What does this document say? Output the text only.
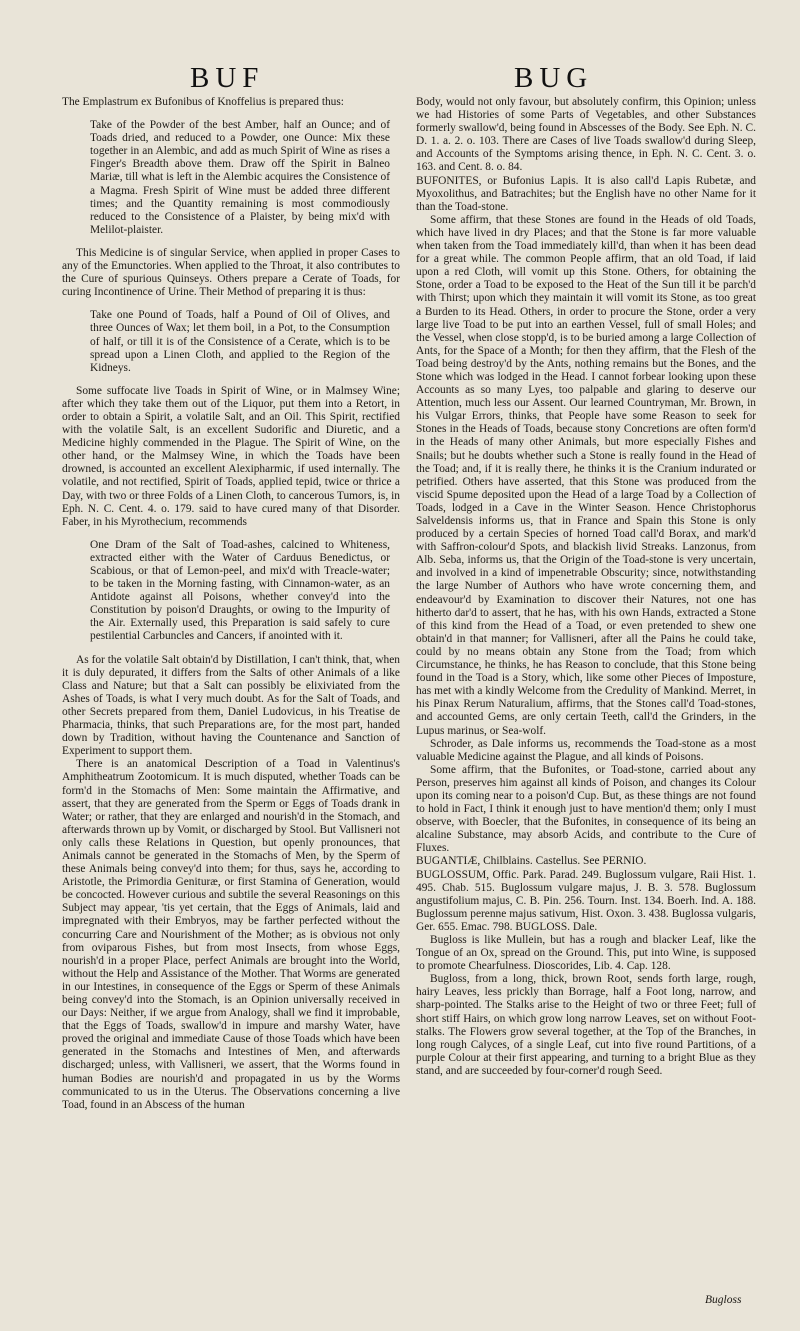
BUF	BUG

The Emplastrum ex Bufonibus of Knoffelius is prepared thus:

Take of the Powder of the best Amber, half an Ounce; and of Toads dried, and reduced to a Powder, one Ounce: Mix these together in an Alembic, and add as much Spirit of Wine as rises a Finger's Breadth above them. Draw off the Spirit in Balneo Mariæ, till what is left in the Alembic acquires the Consistence of a Magma. Fresh Spirit of Wine must be added three different times; and the Quantity remaining is most commodiously reduced to the Consistence of a Plaister, by being mix'd with Melilot-plaister.

This Medicine is of singular Service, when applied in proper Cases to any of the Emunctories. When applied to the Throat, it also contributes to the Cure of spurious Quinseys. Others prepare a Cerate of Toads, for curing Incontinence of Urine. Their Method of preparing it is thus:

Take one Pound of Toads, half a Pound of Oil of Olives, and three Ounces of Wax; let them boil, in a Pot, to the Consumption of half, or till it is of the Consistence of a Cerate, which is to be spread upon a Linen Cloth, and applied to the Region of the Kidneys.

Some suffocate live Toads in Spirit of Wine, or in Malmsey Wine; after which they take them out of the Liquor, put them into a Retort, in order to obtain a Spirit, a volatile Salt, and an Oil. This Spirit, rectified with the volatile Salt, is an excellent Sudorific and Diuretic, and a Medicine highly commended in the Plague. The Spirit of Wine, on the other hand, or the Malmsey Wine, in which the Toads have been drowned, is accounted an excellent Alexipharmic, if used internally. The volatile, and not rectified, Spirit of Toads, applied tepid, twice or thrice a Day, with two or three Folds of a Linen Cloth, to cancerous Tumors, is, in Eph. N. C. Cent. 4. o. 179. said to have cured many of that Disorder. Faber, in his Myrothecium, recommends

One Dram of the Salt of Toad-ashes, calcined to Whiteness, extracted either with the Water of Carduus Benedictus, or Scabious, or that of Lemon-peel, and mix'd with Treacle-water; to be taken in the Morning fasting, with Cinnamon-water, as an Antidote against all Poisons, whether convey'd into the Constitution by poison'd Draughts, or owing to the Impurity of the Air. Externally used, this Preparation is said safely to cure pestilential Carbuncles and Cancers, if anointed with it.

As for the volatile Salt obtain'd by Distillation, I can't think, that, when it is duly depurated, it differs from the Salts of other Animals of a like Class and Nature; but that a Salt can possibly be elixiviated from the Ashes of Toads, is what I very much doubt. As for the Salt of Toads, and other Secrets prepared from them, Daniel Ludovicus, in his Treatise de Pharmacia, thinks, that such Preparations are, for the most part, handed down by Tradition, without having the Countenance and Sanction of Experiment to support them.

There is an anatomical Description of a Toad in Valentinus's Amphitheatrum Zootomicum. It is much disputed, whether Toads can be form'd in the Stomachs of Men: Some maintain the Affirmative, and assert, that they are generated from the Sperm or Eggs of Toads drank in Water; or rather, that they are enlarged and nourish'd in the Stomach, and afterwards thrown up by Vomit, or discharged by Stool. But Vallisneri not only calls these Relations in Question, but openly pronounces, that Animals cannot be generated in the Stomachs of Men, by the Sperm of these Animals being convey'd into them; for thus, says he, according to Aristotle, the Primordia Genituræ, or first Stamina of Generation, would be concocted. However curious and subtile the several Reasonings on this Subject may appear, 'tis yet certain, that the Eggs of Animals, laid and impregnated with their Embryos, may be farther perfected without the concurring Care and Nourishment of the Mother; as is obvious not only from oviparous Fishes, but from most Insects, from whose Eggs, nourish'd in a proper Place, perfect Animals are brought into the World, without the Help and Assistance of the Mother. That Worms are generated in our Intestines, in consequence of the Eggs or Sperm of these Animals being convey'd into the Stomach, is an Opinion universally received in our Days: Neither, if we argue from Analogy, shall we find it improbable, that the Eggs of Toads, swallow'd in impure and marshy Water, have proved the original and immediate Cause of those Toads which have been generated in the Stomachs and Intestines of Men, and afterwards discharged; unless, with Vallisneri, we assert, that the Worms found in human Bodies are nourish'd and propagated in us by the Worms communicated to us in the Uterus. The Observations concerning a live Toad, found in an Abscess of the human

Body, would not only favour, but absolutely confirm, this Opinion; unless we had Histories of some Parts of Vegetables, and other Substances formerly swallow'd, being found in Abscesses of the Body. See Eph. N. C. D. 1. a. 2. o. 103. There are Cases of live Toads swallow'd during Sleep, and Accounts of the Symptoms arising thence, in Eph. N. C. Cent. 3. o. 163. and Cent. 8. o. 84.

BUFONITES, or Bufonius Lapis. It is also call'd Lapis Rubetæ, and Myoxolithus, and Batrachites; but the English have no other Name for it than the Toad-stone.

Some affirm, that these Stones are found in the Heads of old Toads, which have lived in dry Places; and that the Stone is far more valuable when taken from the Toad immediately kill'd, than when it has been dead for a great while. The common People affirm, that an old Toad, if laid upon a red Cloth, will vomit up this Stone. Others, for obtaining the Stone, order a Toad to be exposed to the Heat of the Sun till it be parch'd with Thirst; upon which they maintain it will vomit its Stone, as too great a Burden to its Head. Others, in order to procure the Stone, order a very large live Toad to be put into an earthen Vessel, full of small Holes; and the Vessel, when close stopp'd, is to be buried among a large Collection of Ants, for the Space of a Month; for then they affirm, that the Flesh of the Toad being destroy'd by the Ants, nothing remains but the Bones, and the Stone which was lodged in the Head. I cannot forbear looking upon these Accounts as so many Lyes, too palpable and glaring to deserve our Attention, much less our Assent. Our learned Countryman, Mr. Brown, in his Vulgar Errors, thinks, that People have some Reason to seek for Stones in the Heads of Toads, because stony Concretions are often form'd in the Heads of many other Animals, but more especially Fishes and Snails; but he doubts whether such a Stone is really found in the Head of the Toad; and, if it is really there, he thinks it is the Cranium indurated or petrified. Others have asserted, that this Stone was produced from the viscid Spume deposited upon the Head of a large Toad by a Collection of Toads, lodged in a Cave in the Winter Season. Hence Christophorus Salveldensis informs us, that in France and Spain this Stone is only produced by a certain Species of horned Toad call'd Borax, and mark'd with Saffron-colour'd Spots, and blackish livid Streaks. Lanzonus, from Alb. Seba, informs us, that the Origin of the Toad-stone is very uncertain, and involved in a kind of impenetrable Obscurity; since, notwithstanding the large Number of Authors who have wrote concerning them, and endeavour'd by Examination to discover their Natures, not one has hitherto dar'd to assert, that he has, with his own Hands, extracted a Stone of this kind from the Head of a Toad, or even pretended to shew one obtain'd in that manner; for Vallisneri, after all the Pains he could take, could by no means obtain any Stone from the Toad; from which Circumstance, he thinks, he has Reason to conclude, that this Stone being found in the Toad is a Story, which, like some other Pieces of Imposture, has met with a kindly Welcome from the Credulity of Mankind. Merret, in his Pinax Rerum Naturalium, affirms, that the Stones call'd Toad-stones, and accounted Gems, are only certain Teeth, call'd the Grinders, in the Lupus marinus, or Sea-wolf.

Schroder, as Dale informs us, recommends the Toad-stone as a most valuable Medicine against the Plague, and all kinds of Poisons.

Some affirm, that the Bufonites, or Toad-stone, carried about any Person, preserves him against all kinds of Poison, and changes its Colour upon its coming near to a poison'd Cup. But, as these things are not found to hold in Fact, I think it enough just to have mention'd them; only I must observe, with Boecler, that the Bufonites, in consequence of its being an alcaline Substance, may absorb Acids, and contribute to the Cure of Fluxes.

BUGANTIÆ, Chilblains. Castellus. See PERNIO.

BUGLOSSUM, Offic. Park. Parad. 249. Buglossum vulgare, Raii Hist. 1. 495. Chab. 515. Buglossum vulgare majus, J. B. 3. 578. Buglossum angustifolium majus, C. B. Pin. 256. Tourn. Inst. 134. Boerh. Ind. A. 188. Buglossum perenne majus sativum, Hist. Oxon. 3. 438. Buglossa vulgaris, Ger. 655. Emac. 798. BUGLOSS. Dale.

Bugloss is like Mullein, but has a rough and blacker Leaf, like the Tongue of an Ox, spread on the Ground. This, put into Wine, is supposed to promote Chearfulness. Dioscorides, Lib. 4. Cap. 128.

Bugloss, from a long, thick, brown Root, sends forth large, rough, hairy Leaves, less prickly than Borrage, half a Foot long, narrow, and sharp-pointed. The Stalks arise to the Height of two or three Feet; full of short stiff Hairs, on which grow long narrow Leaves, set on without Foot-stalks. The Flowers grow several together, at the Top of the Branches, in long rough Calyces, of a single Leaf, cut into five round Partitions, of a purple Colour at their first appearing, and turning to a bright Blue as they stand, and are succeeded by four-corner'd rough Seed.

Bugloss
